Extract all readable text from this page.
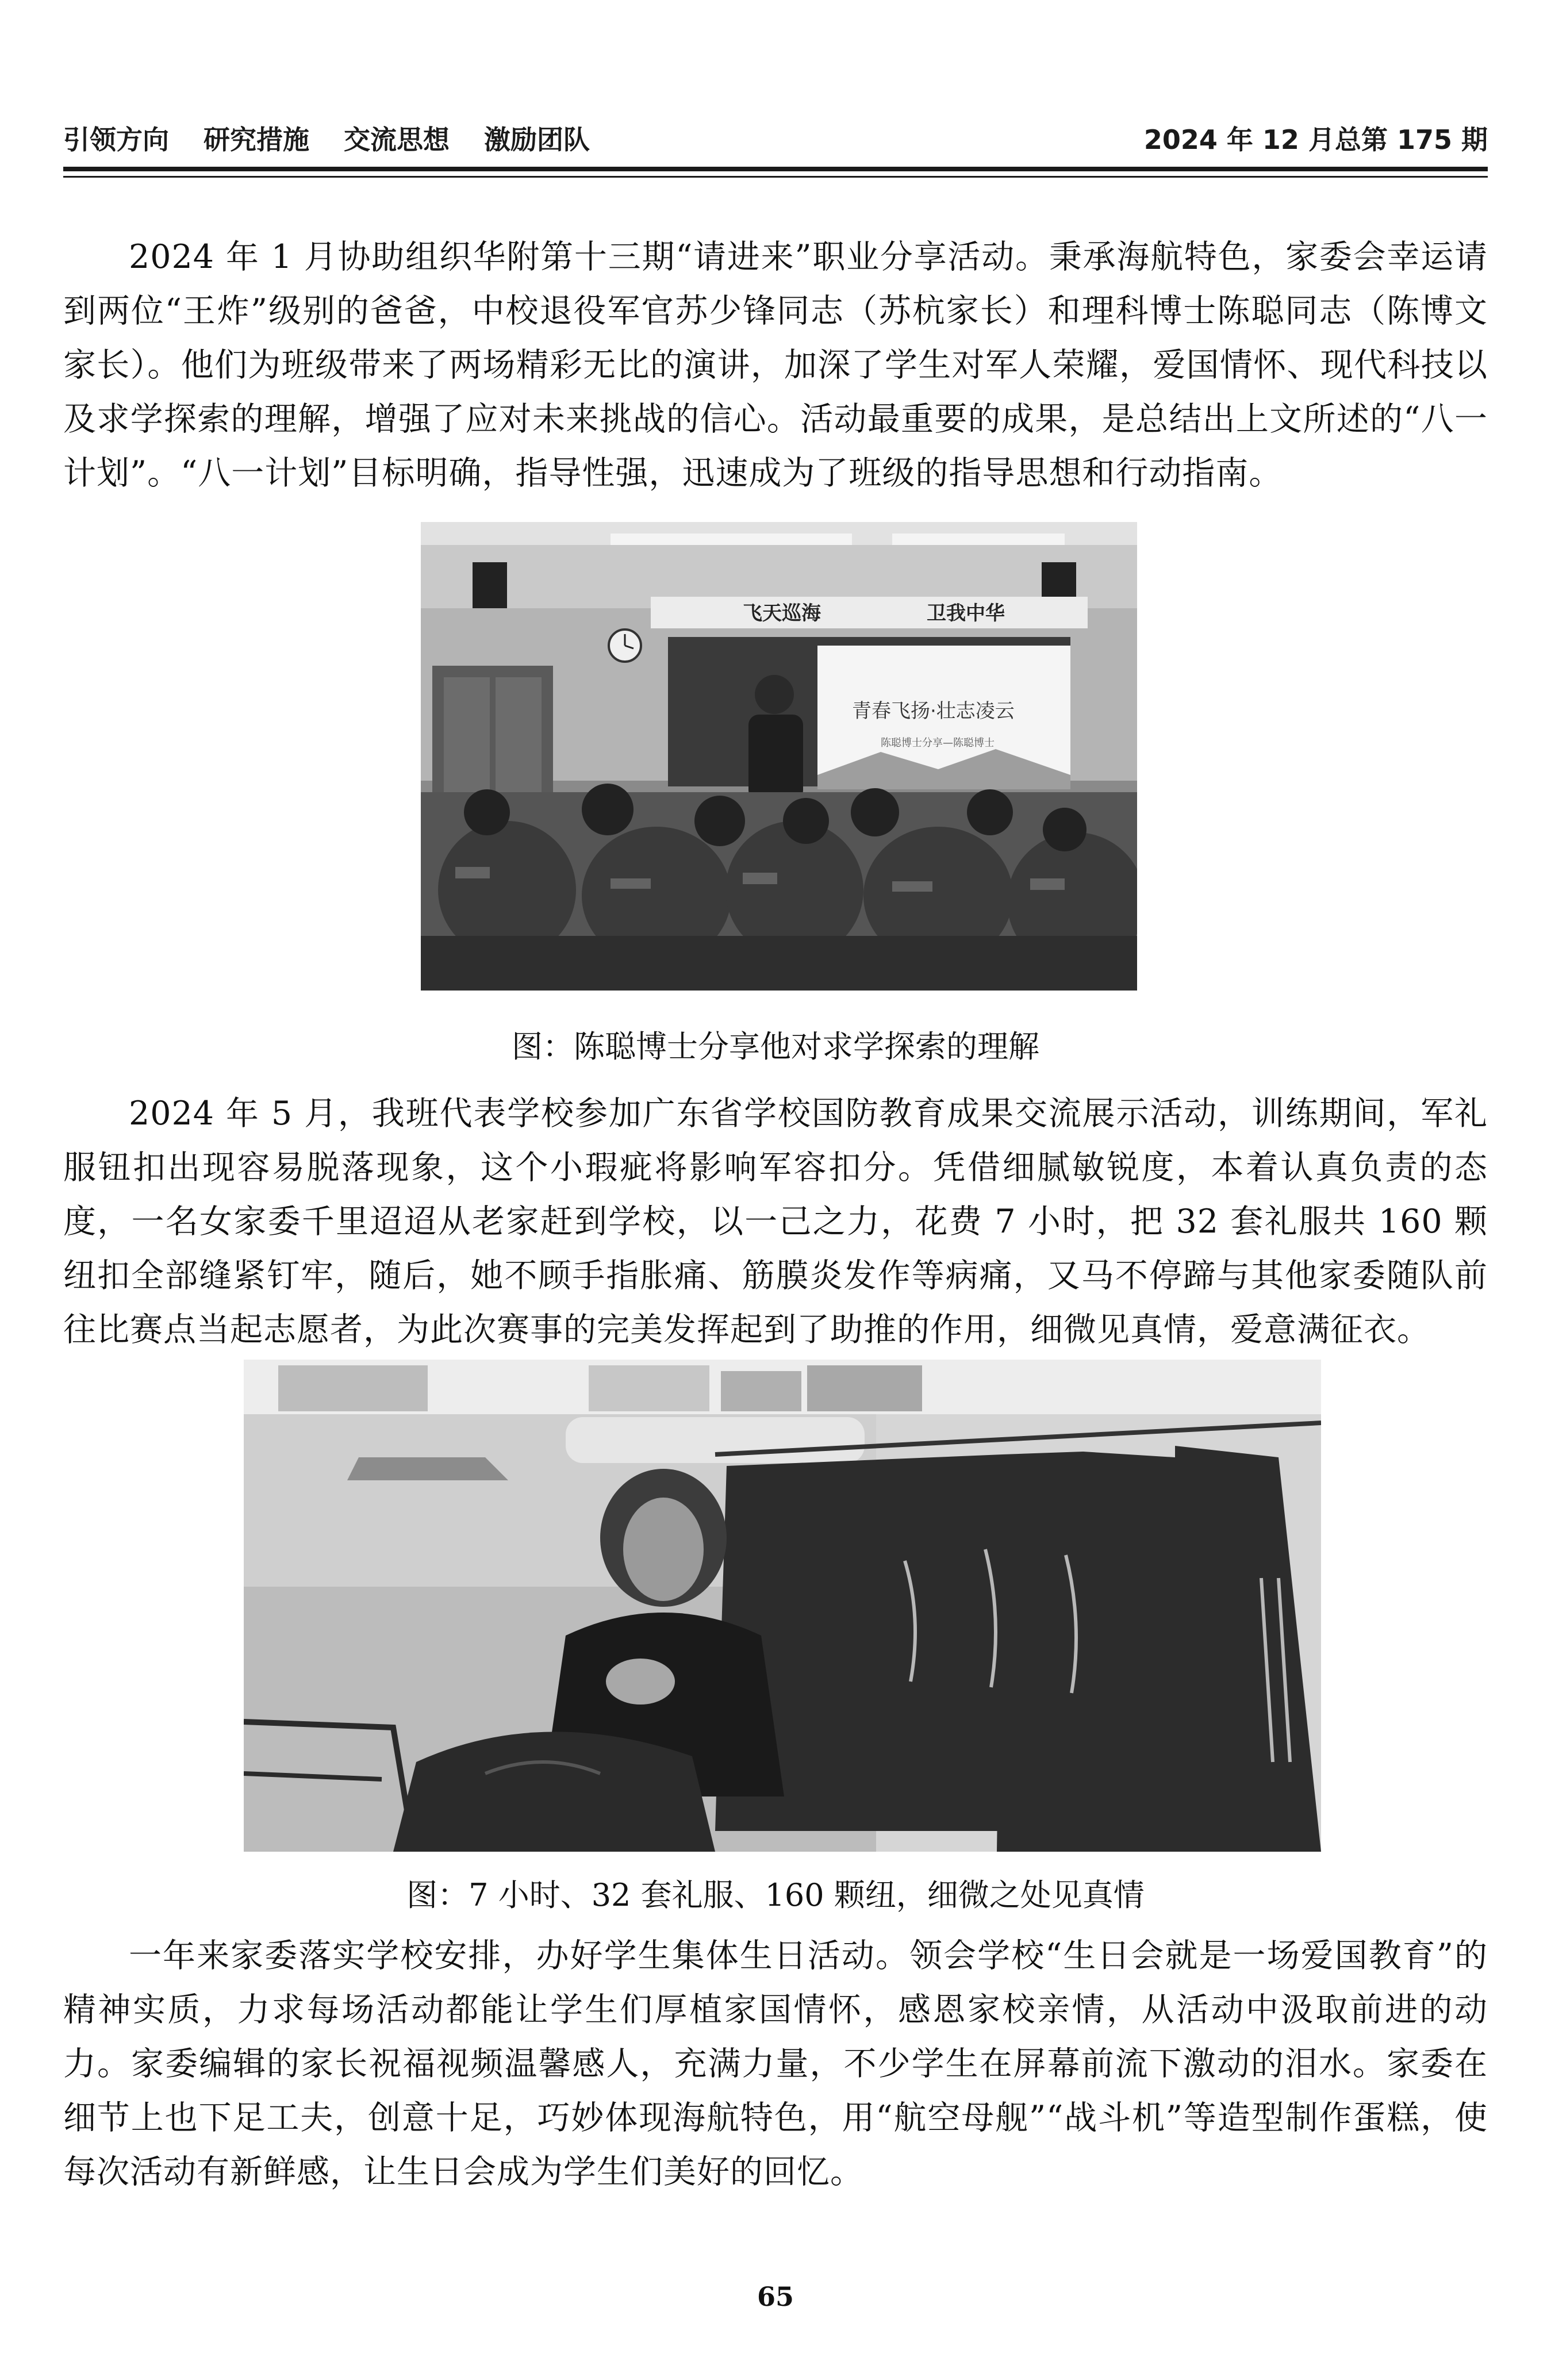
引领方向 研究措施 交流思想 激励团队	2024 年 12 月总第 175 期
2024 年 1 月协助组织华附第十三期“请进来”职业分享活动。秉承海航特色，家委会幸运请到两位“王炸”级别的爸爸，中校退役军官苏少锋同志（苏杭家长）和理科博士陈聪同志（陈博文家长）。他们为班级带来了两场精彩无比的演讲，加深了学生对军人荣耀，爱国情怀、现代科技以及求学探索的理解，增强了应对未来挑战的信心。活动最重要的成果，是总结出上文所述的“八一计划”。“八一计划”目标明确，指导性强，迅速成为了班级的指导思想和行动指南。
飞天巡海	卫我中华
青春飞扬·壮志凌云
陈聪博士分享—陈聪博士
图：陈聪博士分享他对求学探索的理解
2024 年 5 月，我班代表学校参加广东省学校国防教育成果交流展示活动，训练期间，军礼服钮扣出现容易脱落现象，这个小瑕疵将影响军容扣分。凭借细腻敏锐度，本着认真负责的态度，一名女家委千里迢迢从老家赶到学校，以一己之力，花费 7 小时，把 32 套礼服共 160 颗纽扣全部缝紧钉牢，随后，她不顾手指胀痛、筋膜炎发作等病痛，又马不停蹄与其他家委随队前往比赛点当起志愿者，为此次赛事的完美发挥起到了助推的作用，细微见真情，爱意满征衣。
图：7 小时、32 套礼服、160 颗纽，细微之处见真情
一年来家委落实学校安排，办好学生集体生日活动。领会学校“生日会就是一场爱国教育”的精神实质，力求每场活动都能让学生们厚植家国情怀，感恩家校亲情，从活动中汲取前进的动力。家委编辑的家长祝福视频温馨感人，充满力量，不少学生在屏幕前流下激动的泪水。家委在细节上也下足工夫，创意十足，巧妙体现海航特色，用“航空母舰”“战斗机”等造型制作蛋糕，使每次活动有新鲜感，让生日会成为学生们美好的回忆。
65
